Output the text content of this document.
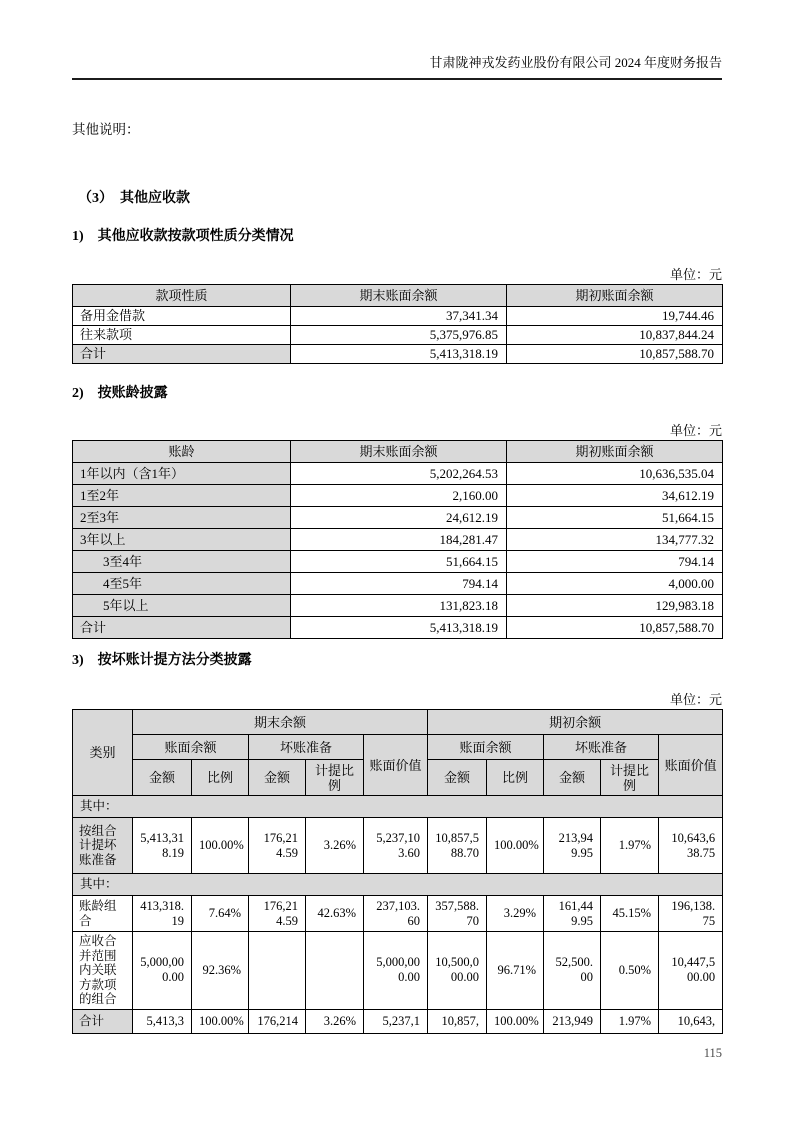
甘肃陇神戎发药业股份有限公司 2024 年度财务报告
其他说明：
（3）　其他应收款
1)　其他应收款按款项性质分类情况
单位：元
款项性质	期末账面余额	期初账面余额
备用金借款	37,341.34	19,744.46
往来款项	5,375,976.85	10,837,844.24
合计	5,413,318.19	10,857,588.70
2)　按账龄披露
单位：元
账龄	期末账面余额	期初账面余额
1年以内（含1年）	5,202,264.53	10,636,535.04
1至2年	2,160.00	34,612.19
2至3年	24,612.19	51,664.15
3年以上	184,281.47	134,777.32
3至4年	51,664.15	794.14
4至5年	794.14	4,000.00
5年以上	131,823.18	129,983.18
合计	5,413,318.19	10,857,588.70
3)　按坏账计提方法分类披露
单位：元
类别	期末余额					期初余额				
	账面余额		坏账准备		账面价值	账面余额		坏账准备		账面价值
	金额	比例	金额	计提比例		金额	比例	金额	计提比例	
其中：										
按组合计提坏账准备	5,413,318.19	100.00%	176,214.59	3.26%	5,237,103.60	10,857,588.70	100.00%	213,949.95	1.97%	10,643,638.75
其中：										
账龄组合	413,318.19	7.64%	176,214.59	42.63%	237,103.60	357,588.70	3.29%	161,449.95	45.15%	196,138.75
应收合并范围内关联方款项的组合	5,000,000.00	92.36%			5,000,000.00	10,500,000.00	96.71%	52,500.00	0.50%	10,447,500.00
合计	5,413,3	100.00%	176,214	3.26%	5,237,1	10,857,	100.00%	213,949	1.97%	10,643,
115
